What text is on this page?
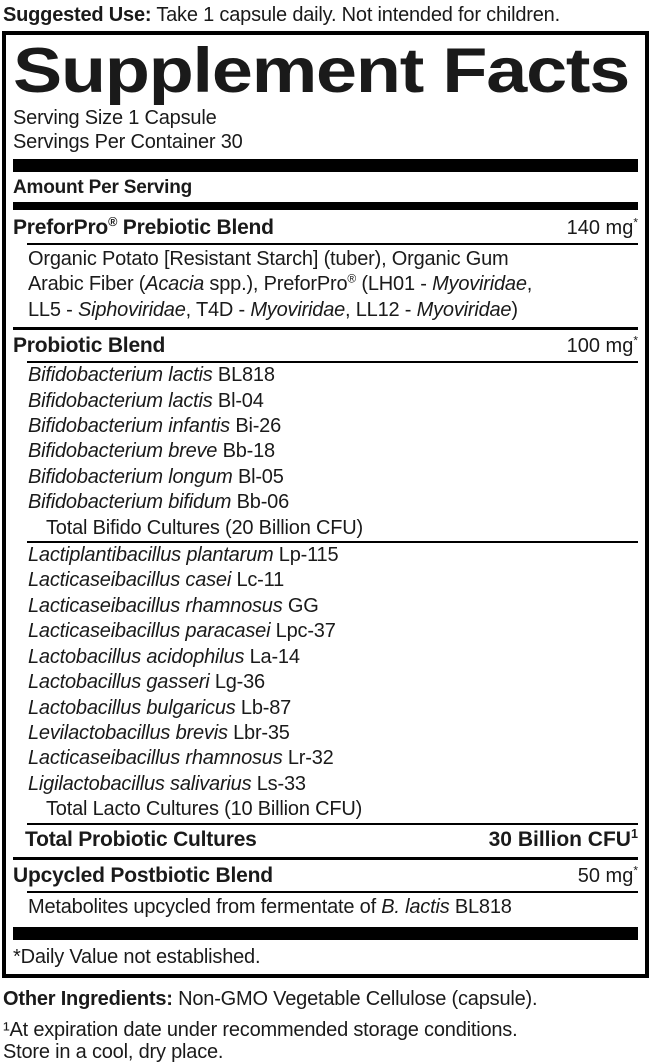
Suggested Use: Take 1 capsule daily. Not intended for children.
Supplement Facts
Serving Size 1 Capsule
Servings Per Container 30
Amount Per Serving
PreforPro® Prebiotic Blend	140 mg*
Organic Potato [Resistant Starch] (tuber), Organic Gum
Arabic Fiber (Acacia spp.), PreforPro® (LH01 - Myoviridae,
LL5 - Siphoviridae, T4D - Myoviridae, LL12 - Myoviridae)
Probiotic Blend	100 mg*
Bifidobacterium lactis BL818
Bifidobacterium lactis Bl-04
Bifidobacterium infantis Bi-26
Bifidobacterium breve Bb-18
Bifidobacterium longum Bl-05
Bifidobacterium bifidum Bb-06
Total Bifido Cultures (20 Billion CFU)
Lactiplantibacillus plantarum Lp-115
Lacticaseibacillus casei Lc-11
Lacticaseibacillus rhamnosus GG
Lacticaseibacillus paracasei Lpc-37
Lactobacillus acidophilus La-14
Lactobacillus gasseri Lg-36
Lactobacillus bulgaricus Lb-87
Levilactobacillus brevis Lbr-35
Lacticaseibacillus rhamnosus Lr-32
Ligilactobacillus salivarius Ls-33
Total Lacto Cultures (10 Billion CFU)
Total Probiotic Cultures	30 Billion CFU$^1$
Upcycled Postbiotic Blend	50 mg*
Metabolites upcycled from fermentate of B. lactis BL818
*Daily Value not established.
Other Ingredients: Non-GMO Vegetable Cellulose (capsule).
¹At expiration date under recommended storage conditions.
Store in a cool, dry place.
